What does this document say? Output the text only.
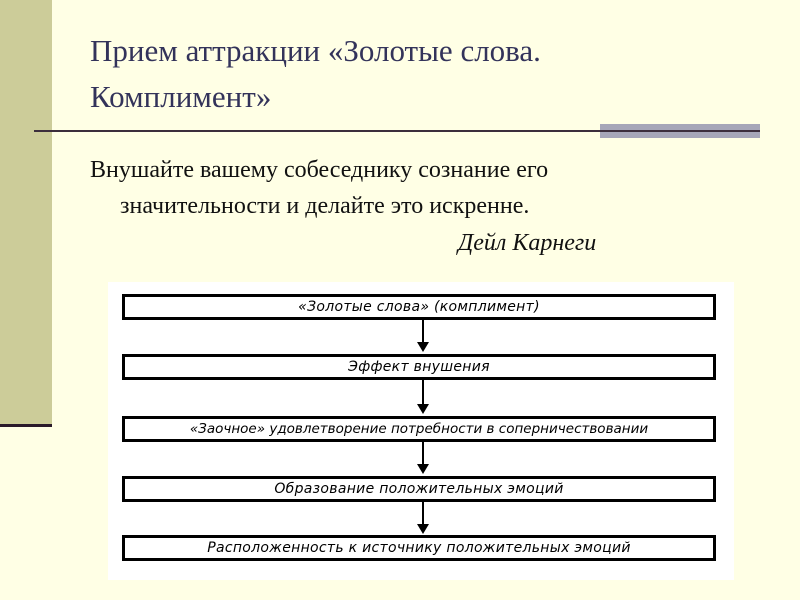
Прием аттракции «Золотые слова.
Комплимент»
Внушайте вашему собеседнику сознание его
значительности и делайте это искренне.
Дейл Карнеги
«Золотые слова» (комплимент)
Эффект внушения
«Заочное» удовлетворение потребности в соперничествовании
Образование положительных эмоций
Расположенность к источнику положительных эмоций
